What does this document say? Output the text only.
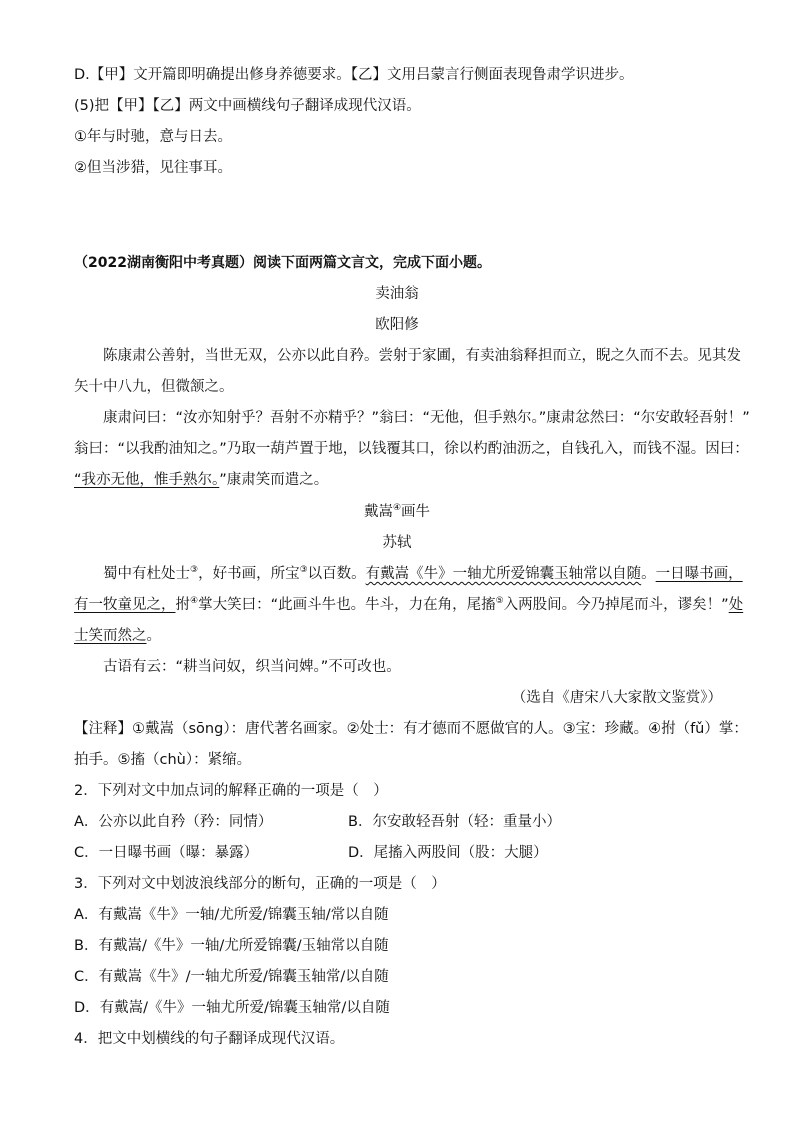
D.【甲】文开篇即明确提出修身养德要求。【乙】文用吕蒙言行侧面表现鲁肃学识进步。
(5)把【甲】【乙】两文中画横线句子翻译成现代汉语。
①年与时驰，意与日去。
②但当涉猎，见往事耳。
（2022湖南衡阳中考真题）阅读下面两篇文言文，完成下面小题。
卖油翁
欧阳修
陈康肃公善射，当世无双，公亦以此自矜。尝射于家圃，有卖油翁释担而立，睨之久而不去。见其发
矢十中八九，但微颔之。
康肃问曰：“汝亦知射乎？吾射不亦精乎？”翁曰：“无他，但手熟尔。”康肃忿然曰：“尔安敢轻吾射！”
翁曰：“以我酌油知之。”乃取一葫芦置于地，以钱覆其口，徐以杓酌油沥之，自钱孔入，而钱不湿。因曰：
“我亦无他，惟手熟尔。”康肃笑而遣之。
戴嵩④画牛
苏轼
蜀中有杜处士③，好书画，所宝③以百数。有戴嵩《牛》一轴尤所爱锦囊玉轴常以自随。一日曝书画，
有一牧童见之，拊④掌大笑曰：“此画斗牛也。牛斗，力在角，尾搐⑤入两股间。今乃掉尾而斗，谬矣！”处
士笑而然之。
古语有云：“耕当问奴，织当问婢。”不可改也。
（选自《唐宋八大家散文鉴赏》）
【注释】①戴嵩（sōng）：唐代著名画家。②处士：有才德而不愿做官的人。③宝：珍藏。④拊（fǔ）掌：
拍手。⑤搐（chù）：紧缩。
2．下列对文中加点词的解释正确的一项是（　）
A．公亦以此自矜（矜：同情）	B．尔安敢轻吾射（轻：重量小）
C．一日曝书画（曝：暴露）	D．尾搐入两股间（股：大腿）
3．下列对文中划波浪线部分的断句，正确的一项是（　）
A．有戴嵩《牛》一轴/尤所爱/锦囊玉轴/常以自随
B．有戴嵩/《牛》一轴/尤所爱锦囊/玉轴常以自随
C．有戴嵩《牛》/一轴尤所爱/锦囊玉轴常/以自随
D．有戴嵩/《牛》一轴尤所爱/锦囊玉轴常/以自随
4．把文中划横线的句子翻译成现代汉语。
